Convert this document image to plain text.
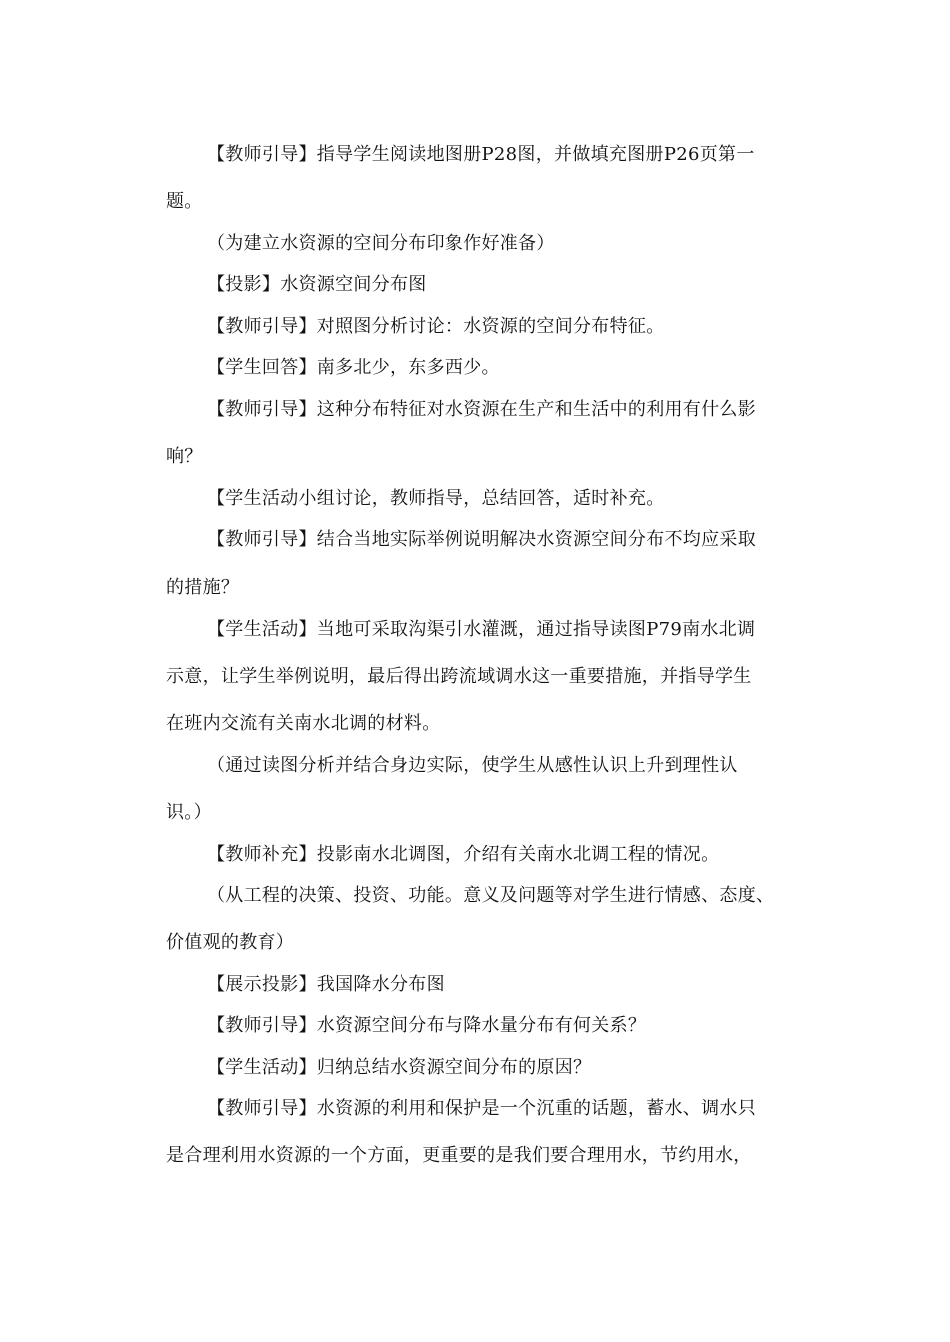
【教师引导】指导学生阅读地图册P28图，并做填充图册P26页第一
题。
（为建立水资源的空间分布印象作好准备）
【投影】水资源空间分布图
【教师引导】对照图分析讨论：水资源的空间分布特征。
【学生回答】南多北少，东多西少。
【教师引导】这种分布特征对水资源在生产和生活中的利用有什么影
响？
【学生活动小组讨论，教师指导，总结回答，适时补充。
【教师引导】结合当地实际举例说明解决水资源空间分布不均应采取
的措施？
【学生活动】当地可采取沟渠引水灌溉，通过指导读图P79南水北调
示意，让学生举例说明，最后得出跨流域调水这一重要措施，并指导学生
在班内交流有关南水北调的材料。
（通过读图分析并结合身边实际，使学生从感性认识上升到理性认
识。）
【教师补充】投影南水北调图，介绍有关南水北调工程的情况。
（从工程的决策、投资、功能。意义及问题等对学生进行情感、态度、
价值观的教育）
【展示投影】我国降水分布图
【教师引导】水资源空间分布与降水量分布有何关系？
【学生活动】归纳总结水资源空间分布的原因？
【教师引导】水资源的利用和保护是一个沉重的话题，蓄水、调水只
是合理利用水资源的一个方面，更重要的是我们要合理用水，节约用水，
